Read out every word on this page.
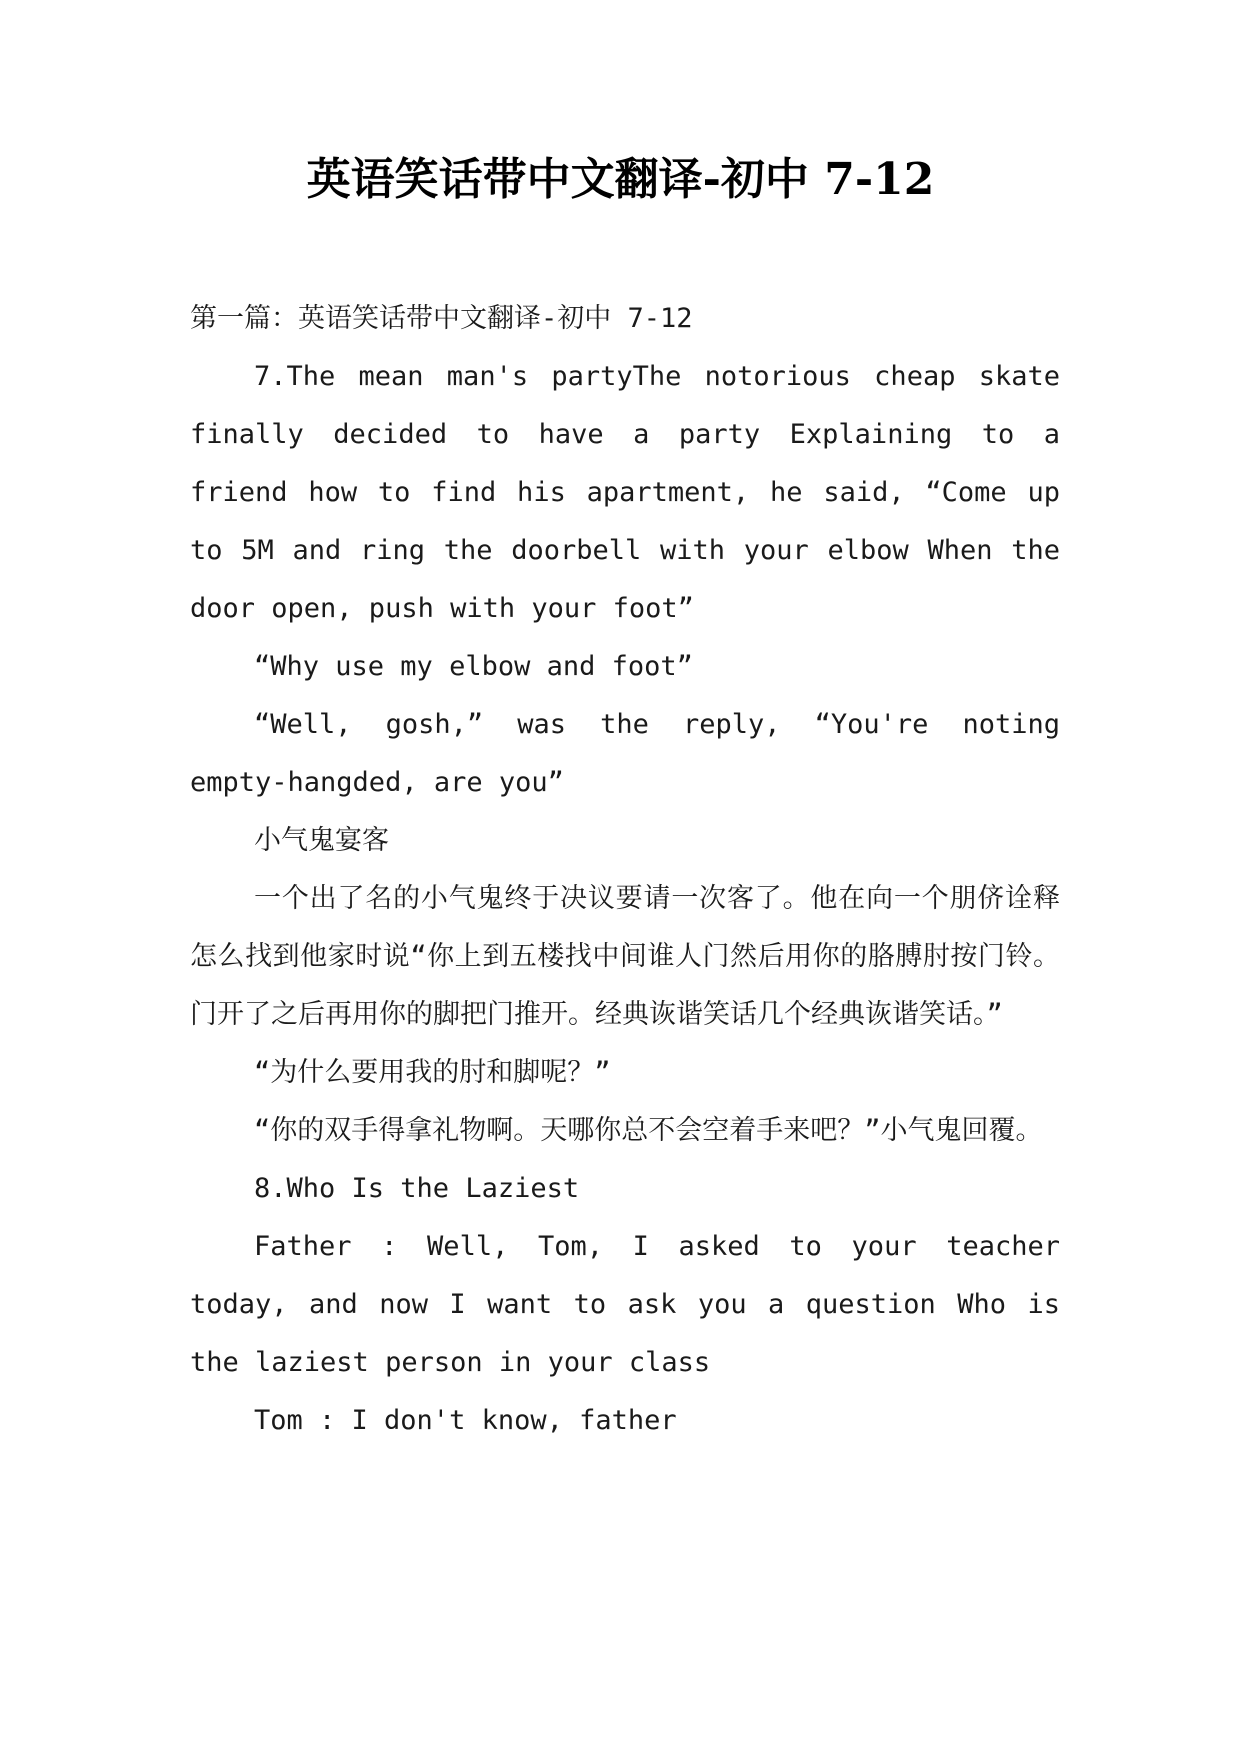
英语笑话带中文翻译-初中 7-12

第一篇：英语笑话带中文翻译-初中 7-12

7.The mean man's partyThe notorious cheap skate finally decided to have a party Explaining to a friend how to find his apartment, he said, “Come up to 5M and ring the doorbell with your elbow When the door open, push with your foot”

“Why use my elbow and foot”

“Well, gosh,” was the reply, “You're noting empty-hangded, are you”

小气鬼宴客

一个出了名的小气鬼终于决议要请一次客了。他在向一个朋侪诠释怎么找到他家时说“你上到五楼找中间谁人门然后用你的胳膊肘按门铃。门开了之后再用你的脚把门推开。经典诙谐笑话几个经典诙谐笑话。”

“为什么要用我的肘和脚呢？”

“你的双手得拿礼物啊。天哪你总不会空着手来吧？”小气鬼回覆。

8.Who Is the Laziest

Father : Well, Tom, I asked to your teacher today, and now I want to ask you a question Who is the laziest person in your class

Tom : I don't know, father
